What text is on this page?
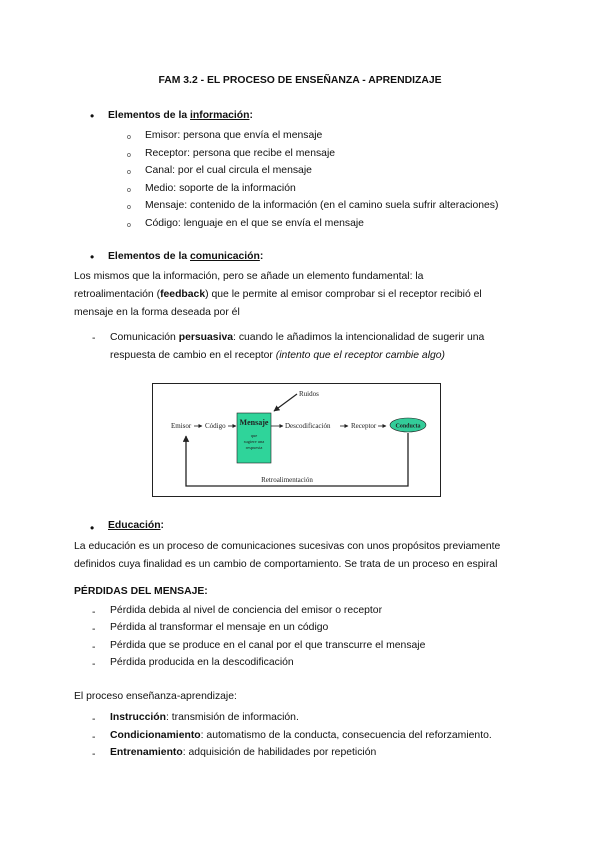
FAM 3.2 - EL PROCESO DE ENSEÑANZA - APRENDIZAJE
• Elementos de la información:
o Emisor: persona que envía el mensaje
o Receptor: persona que recibe el mensaje
o Canal: por el cual circula el mensaje
o Medio: soporte de la información
o Mensaje: contenido de la información (en el camino suela sufrir alteraciones)
o Código: lenguaje en el que se envía el mensaje
• Elementos de la comunicación:
Los mismos que la información, pero se añade un elemento fundamental: la
retroalimentación (feedback) que le permite al emisor comprobar si el receptor recibió el
mensaje en la forma deseada por él
- Comunicación persuasiva: cuando le añadimos la intencionalidad de sugerir una
respuesta de cambio en el receptor (intento que el receptor cambie algo)
Emisor Código Mensaje
que
sugiere una
respuesta
Descodificación	Receptor	Conducta
Ruidos
Retroalimentación
• Educación:
La educación es un proceso de comunicaciones sucesivas con unos propósitos previamente
definidos cuya finalidad es un cambio de comportamiento. Se trata de un proceso en espiral
PÉRDIDAS DEL MENSAJE:
- Pérdida debida al nivel de conciencia del emisor o receptor
- Pérdida al transformar el mensaje en un código
- Pérdida que se produce en el canal por el que transcurre el mensaje
- Pérdida producida en la descodificación
El proceso enseñanza-aprendizaje:
- Instrucción: transmisión de información.
- Condicionamiento: automatismo de la conducta, consecuencia del reforzamiento.
- Entrenamiento: adquisición de habilidades por repetición
